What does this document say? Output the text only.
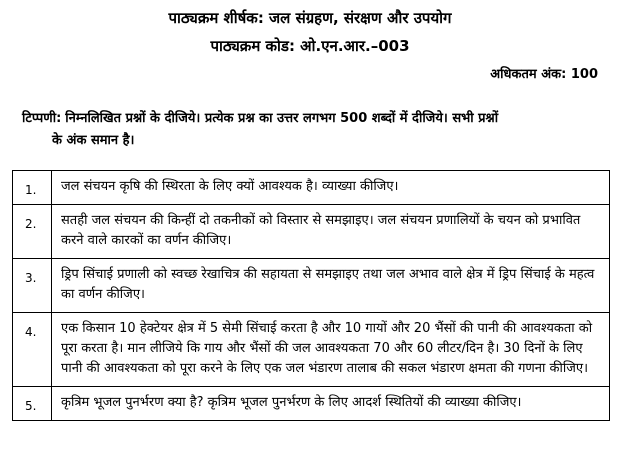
पाठ्यक्रम शीर्षक: जल संग्रहण, संरक्षण और उपयोग
पाठ्यक्रम कोड: ओ.एन.आर.–003
अधिकतम अंक: 100
टिप्पणी: निम्नलिखित प्रश्नों के दीजिये। प्रत्येक प्रश्न का उत्तर लगभग 500 शब्दों में दीजिये। सभी प्रश्नों
के अंक समान है।
1.	जल संचयन कृषि की स्थिरता के लिए क्यों आवश्यक है। व्याख्या कीजिए।
2.	सतही जल संचयन की किन्हीं दो तकनीकों को विस्तार से समझाइए। जल संचयन प्रणालियों के चयन को प्रभावित करने वाले कारकों का वर्णन कीजिए।
3.	ड्रिप सिंचाई प्रणाली को स्वच्छ रेखाचित्र की सहायता से समझाइए तथा जल अभाव वाले क्षेत्र में ड्रिप सिंचाई के महत्व का वर्णन कीजिए।
4.	एक किसान 10 हेक्टेयर क्षेत्र में 5 सेमी सिंचाई करता है और 10 गायों और 20 भैंसों की पानी की आवश्यकता को पूरा करता है। मान लीजिये कि गाय और भैंसों की जल आवश्यकता 70 और 60 लीटर/दिन है। 30 दिनों के लिए पानी की आवश्यकता को पूरा करने के लिए एक जल भंडारण तालाब की सकल भंडारण क्षमता की गणना कीजिए।
5.	कृत्रिम भूजल पुनर्भरण क्या है? कृत्रिम भूजल पुनर्भरण के लिए आदर्श स्थितियों की व्याख्या कीजिए।
